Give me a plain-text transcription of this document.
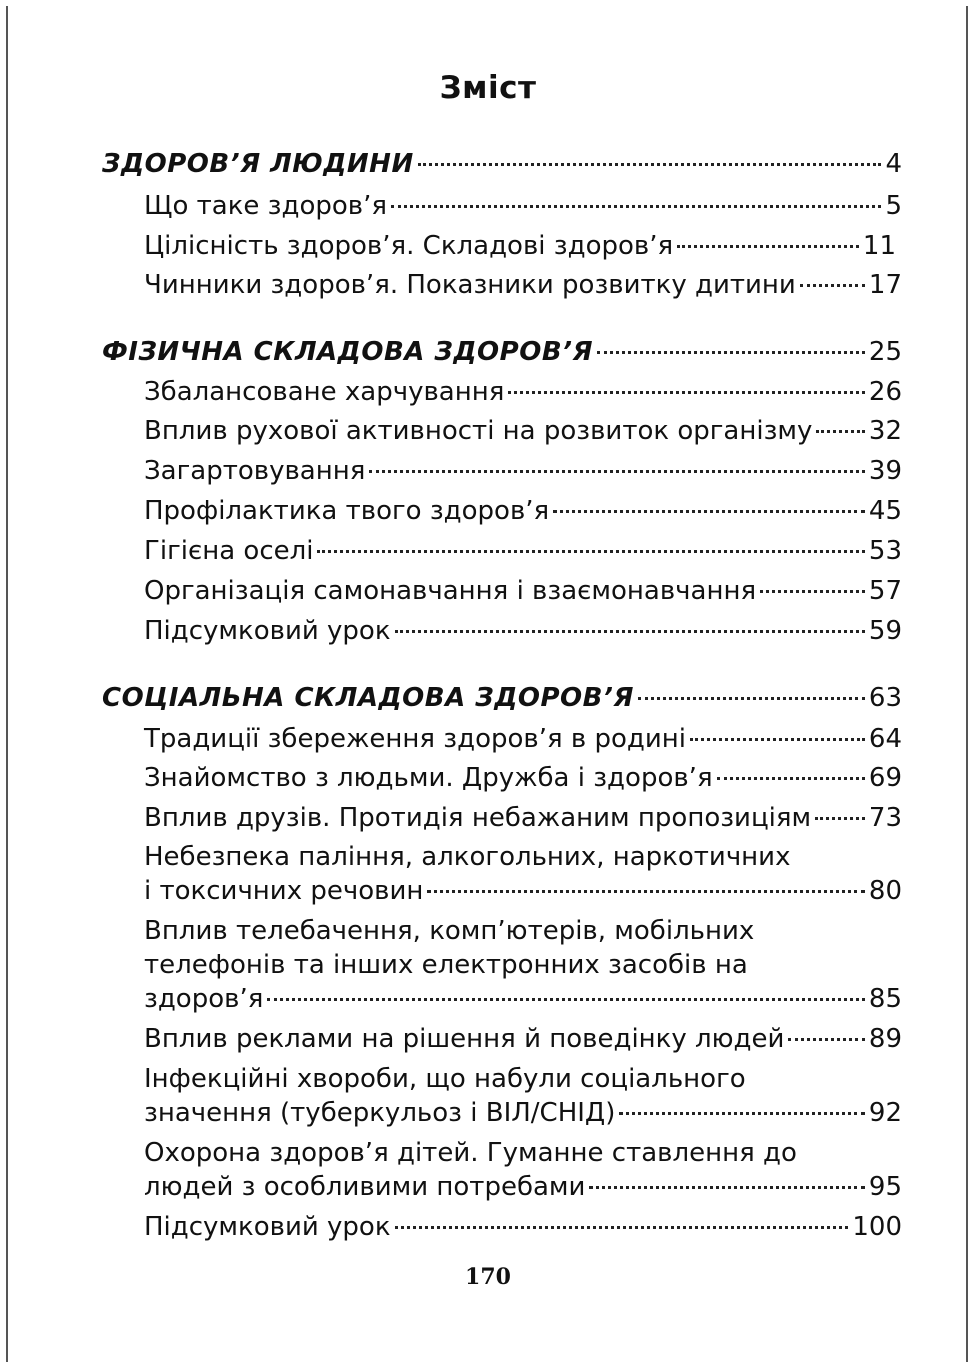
Зміст
ЗДОРОВ’Я ЛЮДИНИ	4
Що таке здоров’я	5
Цілісність здоров’я. Складові здоров’я	11
Чинники здоров’я. Показники розвитку дитини	17
ФІЗИЧНА СКЛАДОВА ЗДОРОВ’Я	25
Збалансоване харчування	26
Вплив рухової активності на розвиток організму 32
Загартовування	39
Профілактика твого здоров’я	45
Гігієна оселі	53
Організація самонавчання і взаємонавчання	57
Підсумковий урок	59
СОЦІАЛЬНА СКЛАДОВА ЗДОРОВ’Я	63
Традиції збереження здоров’я в родині	64
Знайомство з людьми. Дружба і здоров’я	69
Вплив друзів. Протидія небажаним пропозиціям 73
Небезпека паління, алкогольних, наркотичних
і токсичних речовин	80
Вплив телебачення, комп’ютерів, мобільних
телефонів та інших електронних засобів на
здоров’я	85
Вплив реклами на рішення й поведінку людей	89
Інфекційні хвороби, що набули соціального
значення (туберкульоз і ВІЛ/СНІД)	92
Охорона здоров’я дітей. Гуманне ставлення до
людей з особливими потребами	95
Підсумковий урок	100
170
